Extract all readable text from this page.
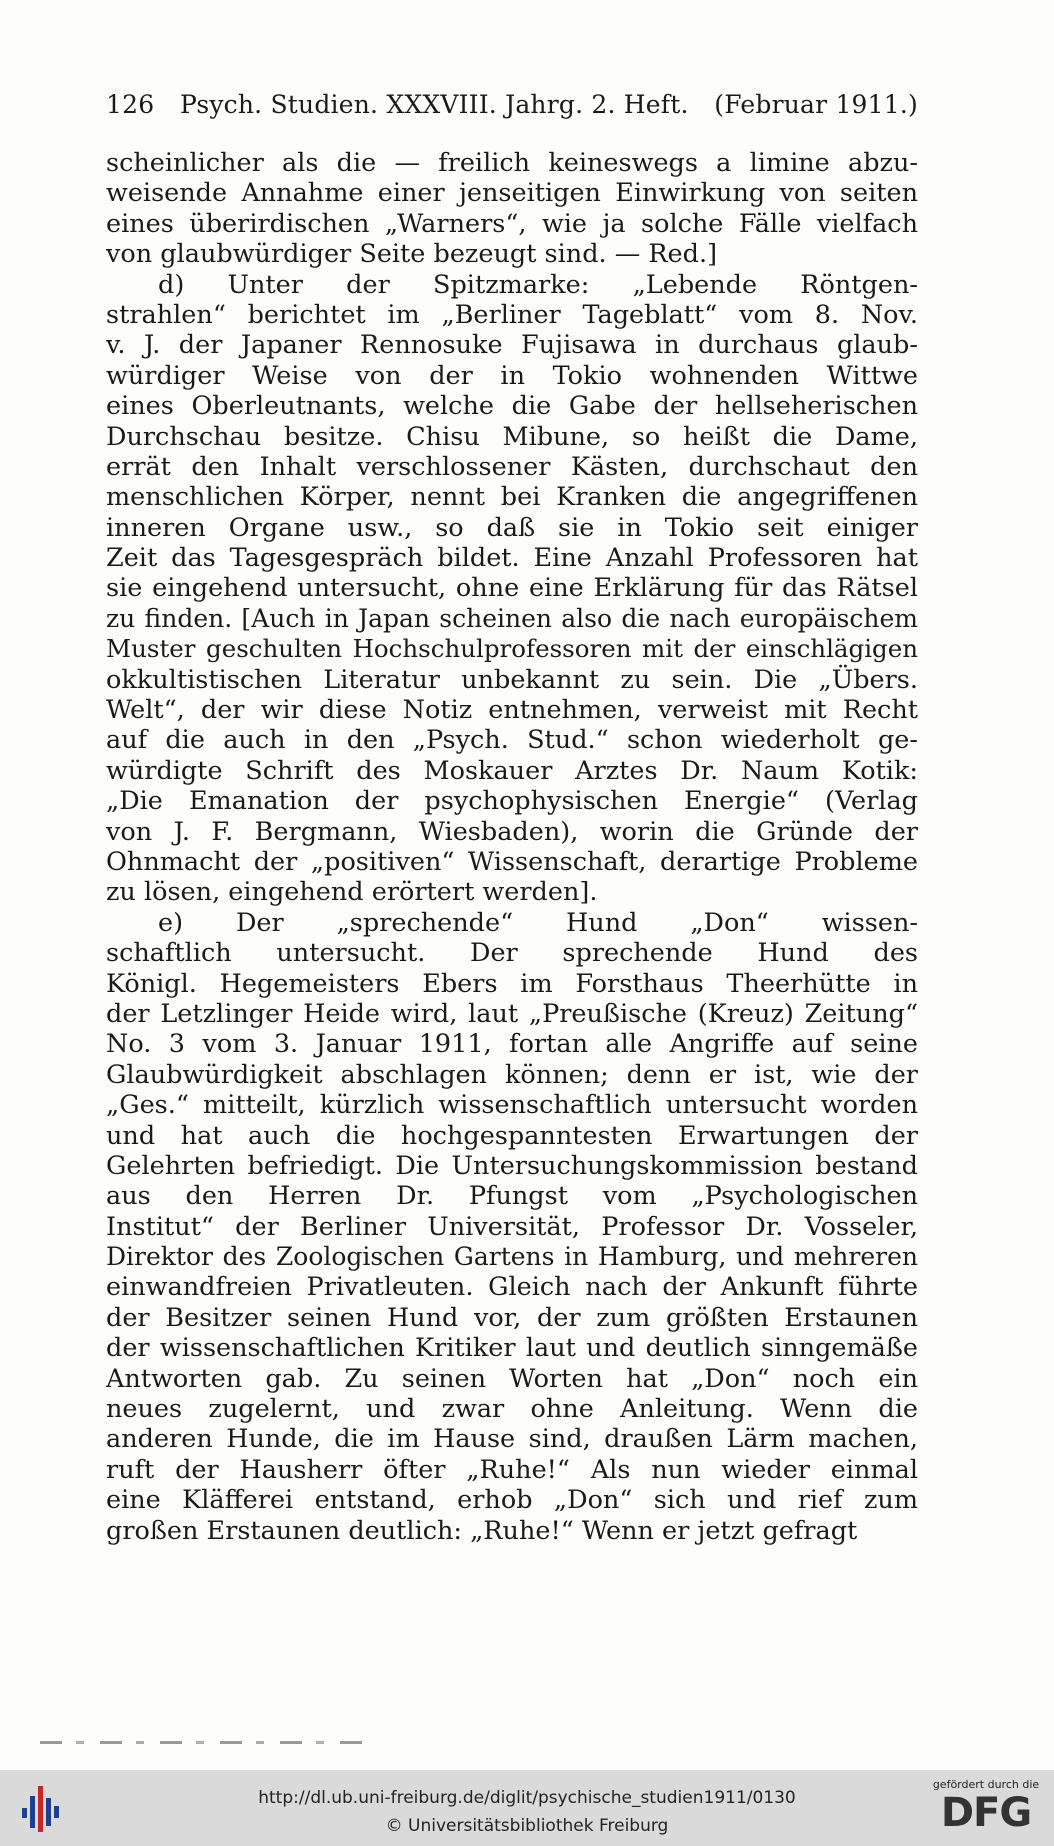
126 Psych. Studien. XXXVIII. Jahrg. 2. Heft. (Februar 1911.)
scheinlicher als die — freilich keineswegs a limine abzu-
weisende Annahme einer jenseitigen Einwirkung von seiten
eines überirdischen „Warners“, wie ja solche Fälle vielfach
von glaubwürdiger Seite bezeugt sind. — Red.]
d) Unter der Spitzmarke: „Lebende Röntgen-
strahlen“ berichtet im „Berliner Tageblatt“ vom 8. Nov.
v. J. der Japaner Rennosuke Fujisawa in durchaus glaub-
würdiger Weise von der in Tokio wohnenden Wittwe
eines Oberleutnants, welche die Gabe der hellseherischen
Durchschau besitze. Chisu Mibune, so heißt die Dame,
errät den Inhalt verschlossener Kästen, durchschaut den
menschlichen Körper, nennt bei Kranken die angegriffenen
inneren Organe usw., so daß sie in Tokio seit einiger
Zeit das Tagesgespräch bildet. Eine Anzahl Professoren hat
sie eingehend untersucht, ohne eine Erklärung für das Rätsel
zu finden. [Auch in Japan scheinen also die nach europäischem
Muster geschulten Hochschulprofessoren mit der einschlägigen
okkultistischen Literatur unbekannt zu sein. Die „Übers.
Welt“, der wir diese Notiz entnehmen, verweist mit Recht
auf die auch in den „Psych. Stud.“ schon wiederholt ge-
würdigte Schrift des Moskauer Arztes Dr. Naum Kotik:
„Die Emanation der psychophysischen Energie“ (Verlag
von J. F. Bergmann, Wiesbaden), worin die Gründe der
Ohnmacht der „positiven“ Wissenschaft, derartige Probleme
zu lösen, eingehend erörtert werden].
e) Der „sprechende“ Hund „Don“ wissen-
schaftlich untersucht. Der sprechende Hund des
Königl. Hegemeisters Ebers im Forsthaus Theerhütte in
der Letzlinger Heide wird, laut „Preußische (Kreuz) Zeitung“
No. 3 vom 3. Januar 1911, fortan alle Angriffe auf seine
Glaubwürdigkeit abschlagen können; denn er ist, wie der
„Ges.“ mitteilt, kürzlich wissenschaftlich untersucht worden
und hat auch die hochgespanntesten Erwartungen der
Gelehrten befriedigt. Die Untersuchungskommission bestand
aus den Herren Dr. Pfungst vom „Psychologischen
Institut“ der Berliner Universität, Professor Dr. Vosseler,
Direktor des Zoologischen Gartens in Hamburg, und mehreren
einwandfreien Privatleuten. Gleich nach der Ankunft führte
der Besitzer seinen Hund vor, der zum größten Erstaunen
der wissenschaftlichen Kritiker laut und deutlich sinngemäße
Antworten gab. Zu seinen Worten hat „Don“ noch ein
neues zugelernt, und zwar ohne Anleitung. Wenn die
anderen Hunde, die im Hause sind, draußen Lärm machen,
ruft der Hausherr öfter „Ruhe!“ Als nun wieder einmal
eine Kläfferei entstand, erhob „Don“ sich und rief zum
großen Erstaunen deutlich: „Ruhe!“ Wenn er jetzt gefragt
http://dl.ub.uni-freiburg.de/diglit/psychische_studien1911/0130
© Universitätsbibliothek Freiburg
gefördert durch die
DFG
